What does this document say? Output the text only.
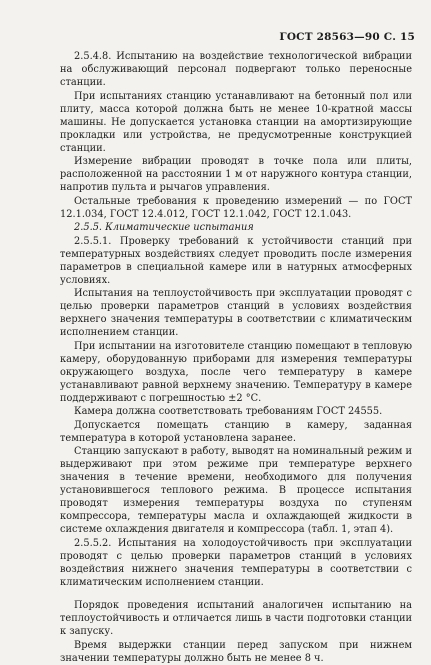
ГОСТ 28563—90 С. 15

2.5.4.8. Испытанию на воздействие технологической вибрации на обслуживающий персонал подвергают только переносные станции.

При испытаниях станцию устанавливают на бетонный пол или плиту, масса которой должна быть не менее 10-кратной массы машины. Не допускается установка станции на амортизирующие прокладки или устройства, не предусмотренные конструкцией станции.

Измерение вибрации проводят в точке пола или плиты, расположенной на расстоянии 1 м от наружного контура станции, напротив пульта и рычагов управления.

Остальные требования к проведению измерений — по ГОСТ 12.1.034, ГОСТ 12.4.012, ГОСТ 12.1.042, ГОСТ 12.1.043.

2.5.5. Климатические испытания

2.5.5.1. Проверку требований к устойчивости станций при температурных воздействиях следует проводить после измерения параметров в специальной камере или в натурных атмосферных условиях.

Испытания на теплоустойчивость при эксплуатации проводят с целью проверки параметров станций в условиях воздействия верхнего значения температуры в соответствии с климатическим исполнением станции.

При испытании на изготовителе станцию помещают в тепловую камеру, оборудованную приборами для измерения температуры окружающего воздуха, после чего температуру в камере устанавливают равной верхнему значению. Температуру в камере поддерживают с погрешностью ±2 °С.

Камера должна соответствовать требованиям ГОСТ 24555.

Допускается помещать станцию в камеру, заданная температура в которой установлена заранее.

Станцию запускают в работу, выводят на номинальный режим и выдерживают при этом режиме при температуре верхнего значения в течение времени, необходимого для получения установившегося теплового режима. В процессе испытания проводят измерения температуры воздуха по ступеням компрессора, температуры масла и охлаждающей жидкости в системе охлаждения двигателя и компрессора (табл. 1, этап 4).

2.5.5.2. Испытания на холодоустойчивость при эксплуатации проводят с целью проверки параметров станций в условиях воздействия нижнего значения температуры в соответствии с климатическим исполнением станции.

Порядок проведения испытаний аналогичен испытанию на теплоустойчивость и отличается лишь в части подготовки станции к запуску.

Время выдержки станции перед запуском при нижнем значении температуры должно быть не менее 8 ч.
